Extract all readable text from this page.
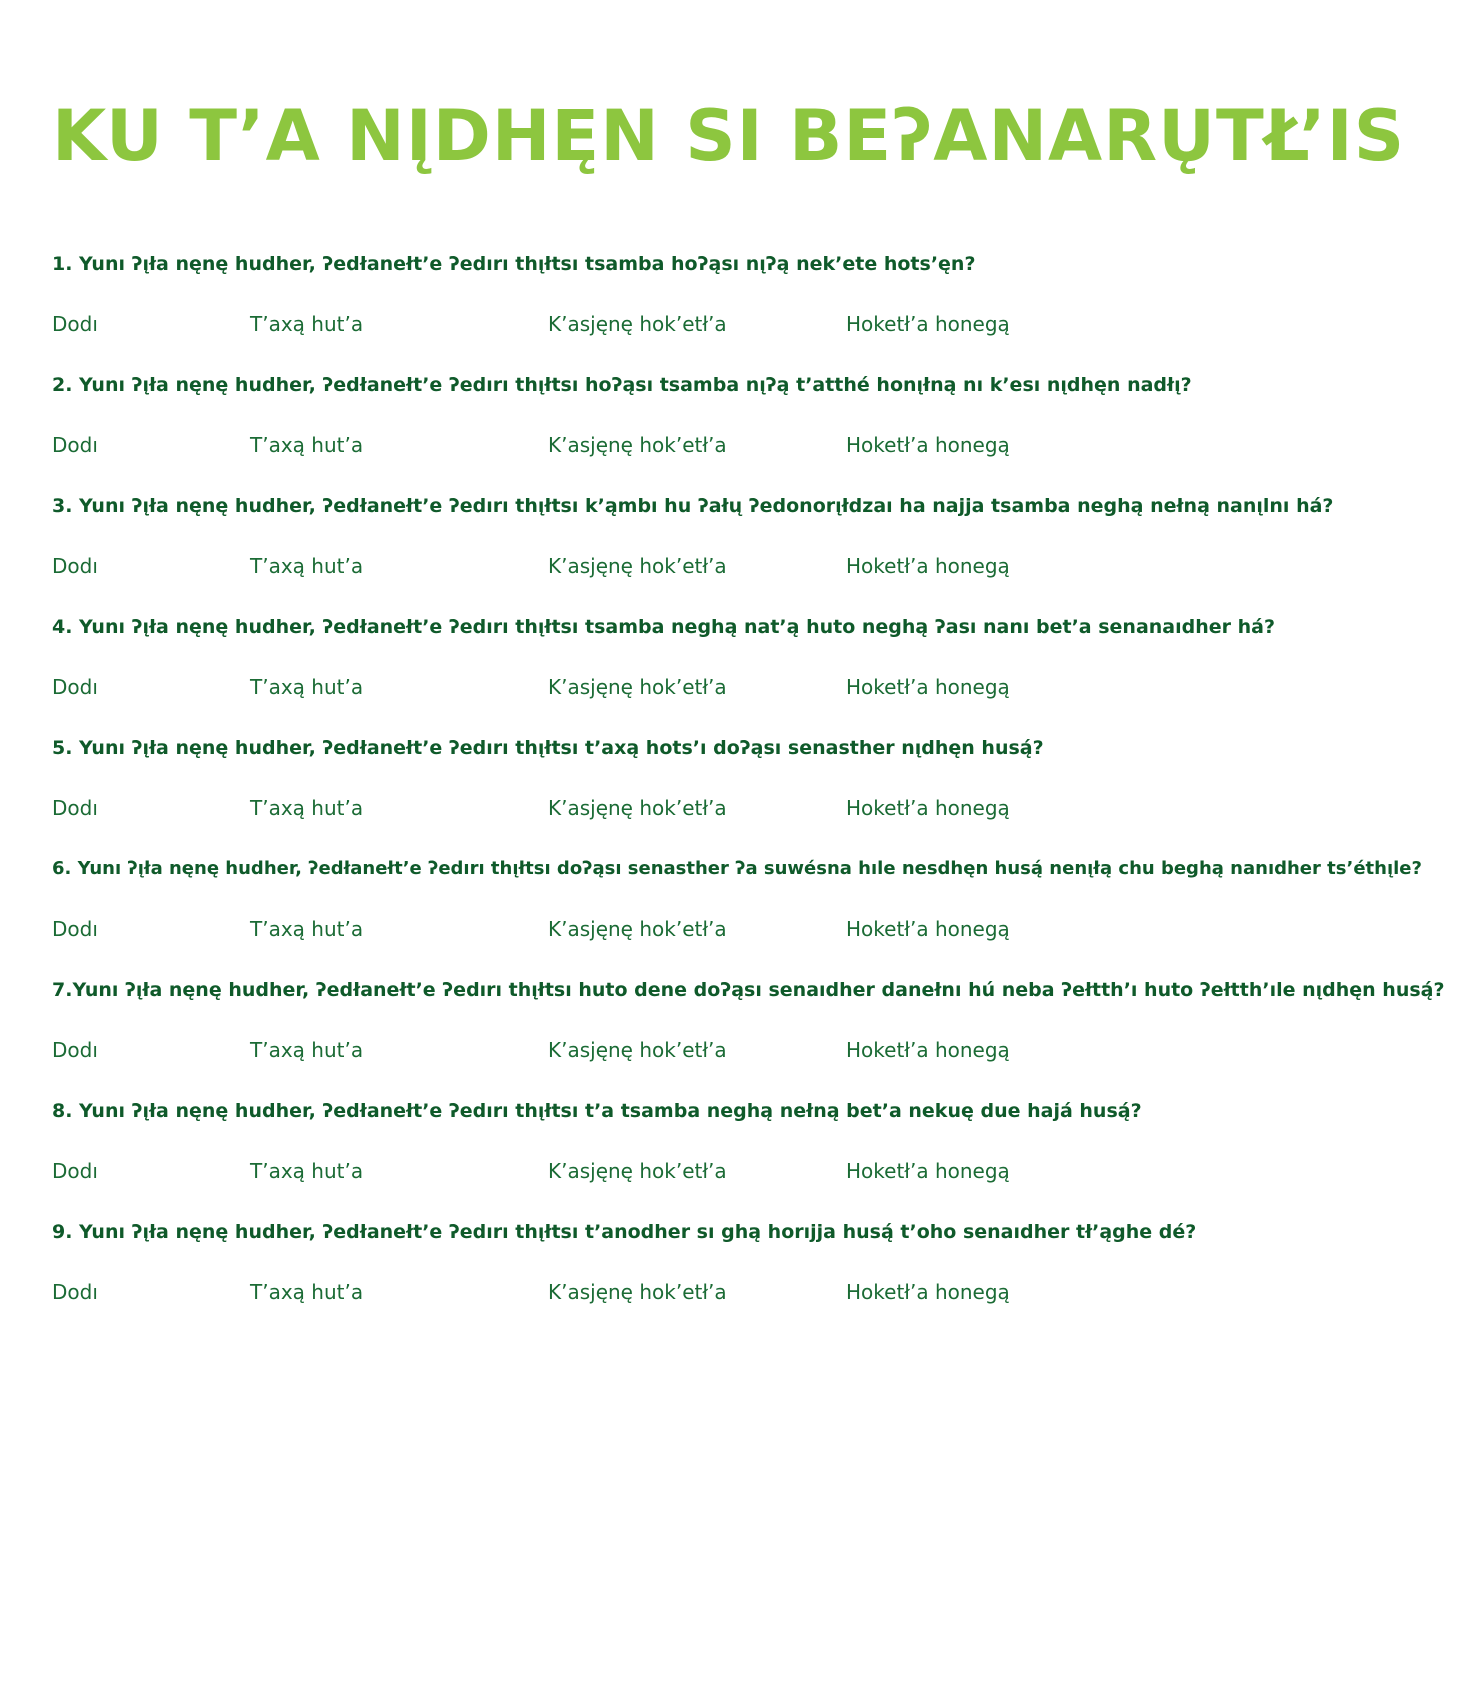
KU T’A NĮDHĘN SI BEʔANARŲTŁ’IS
1. Yunı ʔı̨ła nęnę hudher, ʔedłanełt’e ʔedırı thı̨łtsı tsamba hoʔąsı nı̨ʔą nek’ete hots’ęn?
Dodı	T’axą hut’a	K’asjęnę hok’etł’a	Hoketł’a honegą
2. Yunı ʔı̨ła nęnę hudher, ʔedłanełt’e ʔedırı thı̨łtsı hoʔąsı tsamba nı̨ʔą t’atthé honı̨łną nı k’esı nı̨dhęn nadłı̨?
Dodı	T’axą hut’a	K’asjęnę hok’etł’a	Hoketł’a honegą
3. Yunı ʔı̨ła nęnę hudher, ʔedłanełt’e ʔedırı thı̨łtsı k’ąmbı hu ʔałų ʔedonorı̨łdzaı ha najja tsamba neghą nełną nanı̨lnı há?
Dodı	T’axą hut’a	K’asjęnę hok’etł’a	Hoketł’a honegą
4. Yunı ʔı̨ła nęnę hudher, ʔedłanełt’e ʔedırı thı̨łtsı tsamba neghą nat’ą huto neghą ʔası nanı bet’a senanaıdher há?
Dodı	T’axą hut’a	K’asjęnę hok’etł’a	Hoketł’a honegą
5. Yunı ʔı̨ła nęnę hudher, ʔedłanełt’e ʔedırı thı̨łtsı t’axą hots’ı doʔąsı senasther nı̨dhęn husą́?
Dodı	T’axą hut’a	K’asjęnę hok’etł’a	Hoketł’a honegą
6. Yunı ʔı̨ła nęnę hudher, ʔedłanełt’e ʔedırı thı̨łtsı doʔąsı senasther ʔa suwésna hıle nesdhęn husą́ nenı̨łą chu beghą nanıdher ts’éthı̨le?
Dodı	T’axą hut’a	K’asjęnę hok’etł’a	Hoketł’a honegą
7.Yunı ʔı̨ła nęnę hudher, ʔedłanełt’e ʔedırı thı̨łtsı huto dene doʔąsı senaıdher danełnı hú neba ʔełtth’ı huto ʔełtth’ıle nı̨dhęn husą́?
Dodı	T’axą hut’a	K’asjęnę hok’etł’a	Hoketł’a honegą
8. Yunı ʔı̨ła nęnę hudher, ʔedłanełt’e ʔedırı thı̨łtsı t’a tsamba neghą nełną bet’a nekuę due hajá husą́?
Dodı	T’axą hut’a	K’asjęnę hok’etł’a	Hoketł’a honegą
9. Yunı ʔı̨ła nęnę hudher, ʔedłanełt’e ʔedırı thı̨łtsı t’anodher sı ghą horıjja husą́ t’oho senaıdher tł’ąghe dé?
Dodı	T’axą hut’a	K’asjęnę hok’etł’a	Hoketł’a honegą
